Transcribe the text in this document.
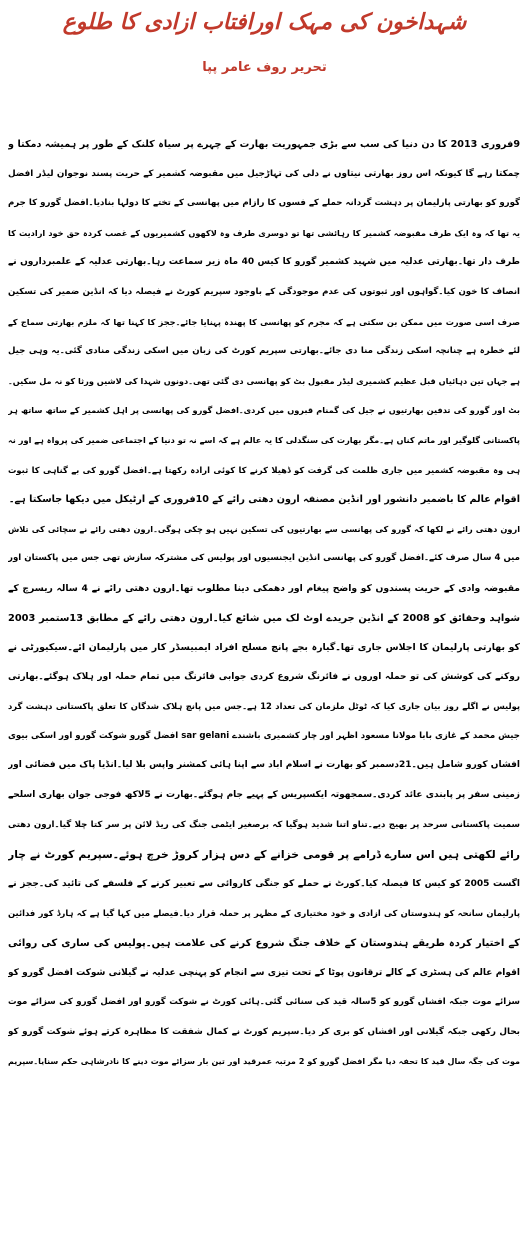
شہداخون کی مہک اورافتاب ازادی کا طلوع
تحریر روف عامر پپا
9فروری 2013 کا دن دنیا کی سب سے بڑی جمہوریت بھارت کے چہرے پر سیاہ کلنک کے طور پر ہمیشہ دمکتا و
چمکتا رہے گا کیونکہ اس روز بھارتی نیتاوں نے دلی کی تہاڑجیل میں مقبوضہ کشمیر کے حریت پسند نوجوان لیڈر افضل
گورو کو بھارتی پارلیمان پر دہشت گردانہ حملے کے فسوں کا رازام میں پھانسی کے تختے کا دولہا بنادیا۔افضل گورو کا جرم
یہ تھا کہ وہ ایک طرف مقبوضہ کشمیر کا رہائشی تھا تو دوسری طرف وہ لاکھوں کشمیریوں کے غصب کردہ حق خود ارادیت کا
طرف دار تھا۔بھارتی عدلیہ میں شہید کشمیر گورو کا کیس 40 ماہ زیر سماعت رہا۔بھارتی عدلیہ کے علمبرداروں نے
انصاف کا خون کیا۔گواہوں اور ثبوتوں کی عدم موجودگی کے باوجود سپریم کورٹ نے فیصلہ دیا کہ انڈین ضمیر کی تسکین
صرف اسی صورت میں ممکن بن سکتی ہے کہ مجرم کو پھانسی کا پھندہ پہنایا جائے۔ججز کا کہنا تھا کہ ملزم بھارتی سماج کے
لئے خطرہ ہے چنانچہ اسکی زندگی منا دی جائے۔بھارتی سپریم کورٹ کی زبان میں اسکی زندگی منادی گئی۔یہ وہی جیل
ہے جہاں تین دہائیاں قبل عظیم کشمیری لیڈر مقبول بٹ کو پھانسی دی گئی تھی۔دونوں شہدا کی لاشیں ورثا کو نہ مل سکیں۔
بٹ اور گورو کی تدفین بھارتیوں نے جیل کی گمنام قبروں میں کردی۔افضل گورو کی پھانسی پر اہل کشمیر کے ساتھ ساتھ ہر
پاکستانی گلوگیر اور ماتم کناں ہے۔مگر بھارت کی سنگدلی کا یہ عالم ہے کہ اسے نہ تو دنیا کے اجتماعی ضمیر کی پرواہ ہے اور نہ
ہی وہ مقبوضہ کشمیر میں جاری ظلمت کی گرفت کو ڈھیلا کرنے کا کوئی ارادہ رکھتا ہے۔افضل گورو کی بے گناہی کا ثبوت
اقوام عالم کا باضمیر دانشور اور انڈین مصنفہ ارون دھتی رائے کے 10فروری کے ارٹیکل میں دیکھا جاسکتا ہے۔
ارون دھتی رائے نے لکھا کہ گورو کی پھانسی سے بھارتیوں کی تسکین نہیں ہو چکی ہوگی۔ارون دھتی رائے نے سچائی کی تلاش
میں 4 سال صرف کئے۔افضل گورو کی پھانسی انڈین ایجنسیوں اور پولیس کی مشترکہ سازش تھی جس میں پاکستان اور
مقبوضہ وادی کے حریت پسندوں کو واضح پیغام اور دھمکی دینا مطلوب تھا۔ارون دھتی رائے نے 4 سالہ ریسرچ کے
شواہد وحقائق کو 2008 کے انڈین جریدے اوٹ لک میں شائع کیا۔ارون دھتی رائے کے مطابق 13ستمبر 2003
کو بھارتی پارلیمان کا اجلاس جاری تھا۔گیارہ بجے پانچ مسلح افراد ایمبیسڈر کار میں پارلیمان ائے۔سیکیورٹی نے
روکنے کی کوشش کی تو حملہ اوروں نے فائرنگ شروع کردی جوابی فائرنگ میں تمام حملہ اور ہلاک ہوگئے۔بھارتی
پولیس نے اگلے روز بیان جاری کیا کہ ٹوٹل ملزمان کی تعداد 12 ہے۔جس میں پانچ ہلاک شدگان کا تعلق پاکستانی دہشت گرد
جیش محمد کے غازی بابا مولانا مسعود اظہر اور چار کشمیری باشندے sar gelani افضل گورو شوکت گورو اور اسکی بیوی
افشاں کورو شامل ہیں۔21دسمبر کو بھارت نے اسلام اباد سے اپنا ہائی کمشنر واپس بلا لیا۔انڈیا پاک میں فضائی اور
زمینی سفر پر پابندی عائد کردی۔سمجھوتہ ایکسپریس کے پہیے جام ہوگئے۔بھارت نے 5لاکھ فوجی جوان بھاری اسلحے
سمیت پاکستانی سرحد پر بھیج دیے۔تناو اتنا شدید ہوگیا کہ برصغیر ایٹمی جنگ کی ریڈ لائن پر سر کتا چلا گیا۔ارون دھتی
رائے لکھتی ہیں اس سارے ڈرامے پر قومی خزانے کے دس ہزار کروڑ خرچ ہوئے۔سپریم کورٹ نے چار
اگست 2005 کو کیس کا فیصلہ کیا۔کورٹ نے حملے کو جنگی کاروائی سے تعبیر کرنے کے فلسفے کی تائید کی۔ججز نے
پارلیمان سانحہ کو ہندوستان کی ازادی و خود مختیاری کے مظہر پر حملہ قرار دیا۔فیصلے میں کہا گیا ہے کہ ہارڈ کور فدائین
کے اختیار کردہ طریقے ہندوستان کے خلاف جنگ شروع کرنے کی علامت ہیں۔پولیس کی ساری کی روائی
اقوام عالم کی ہسٹری کے کالے ترقانون پوٹا کے تحت تیزی سے انجام کو پہنچی عدلیہ نے گیلانی شوکت افضل گورو کو
سزائے موت جبکہ افشاں گورو کو 5سالہ قید کی سنائی گئی۔ہائی کورٹ نے شوکت گورو اور افضل گورو کی سزائے موت
بحال رکھی جبکہ گیلانی اور افشاں کو بری کر دیا۔سپریم کورٹ نے کمال شفقت کا مظاہرہ کرتے ہوئے شوکت گورو کو
موت کی جگہ سال قید کا تحفہ دیا مگر افضل گورو کو 2 مرتبہ عمرقید اور تین بار سزائے موت دینے کا نادرشاہی حکم سنایا۔سپریم
